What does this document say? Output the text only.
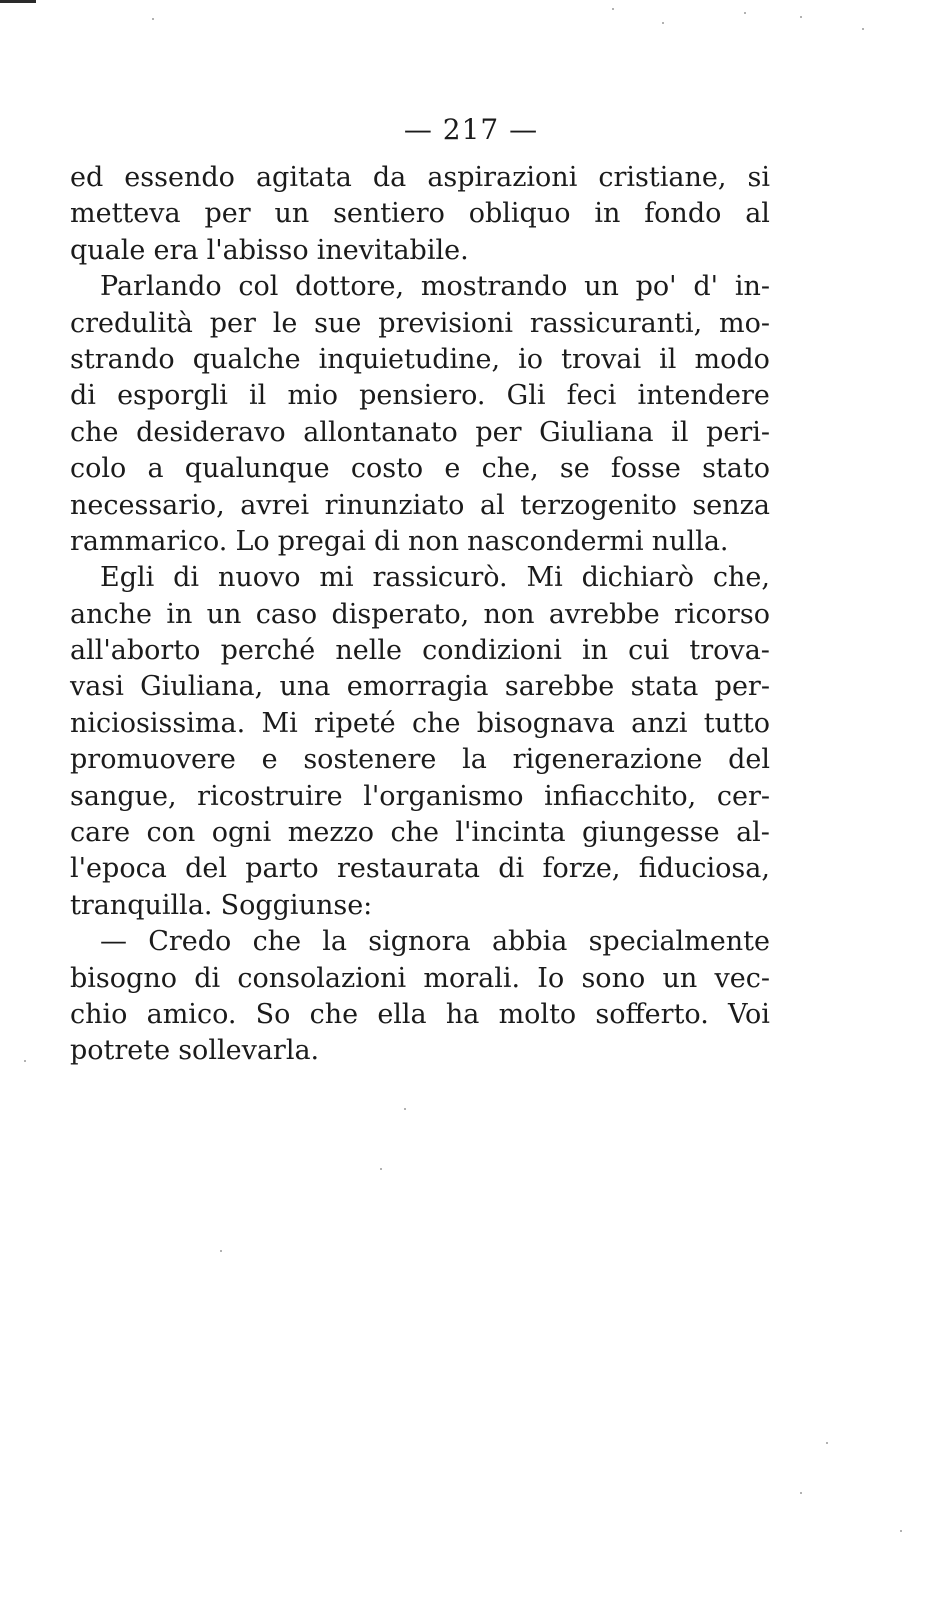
— 217 —
ed essendo agitata da aspirazioni cristiane, si
metteva per un sentiero obliquo in fondo al
quale era l'abisso inevitabile.
Parlando col dottore, mostrando un po' d' in-
credulità per le sue previsioni rassicuranti, mo-
strando qualche inquietudine, io trovai il modo
di esporgli il mio pensiero. Gli feci intendere
che desideravo allontanato per Giuliana il peri-
colo a qualunque costo e che, se fosse stato
necessario, avrei rinunziato al terzogenito senza
rammarico. Lo pregai di non nascondermi nulla.
Egli di nuovo mi rassicurò. Mi dichiarò che,
anche in un caso disperato, non avrebbe ricorso
all'aborto perché nelle condizioni in cui trova-
vasi Giuliana, una emorragia sarebbe stata per-
niciosissima. Mi ripeté che bisognava anzi tutto
promuovere e sostenere la rigenerazione del
sangue, ricostruire l'organismo infiacchito, cer-
care con ogni mezzo che l'incinta giungesse al-
l'epoca del parto restaurata di forze, fiduciosa,
tranquilla. Soggiunse:
— Credo che la signora abbia specialmente
bisogno di consolazioni morali. Io sono un vec-
chio amico. So che ella ha molto sofferto. Voi
potrete sollevarla.
